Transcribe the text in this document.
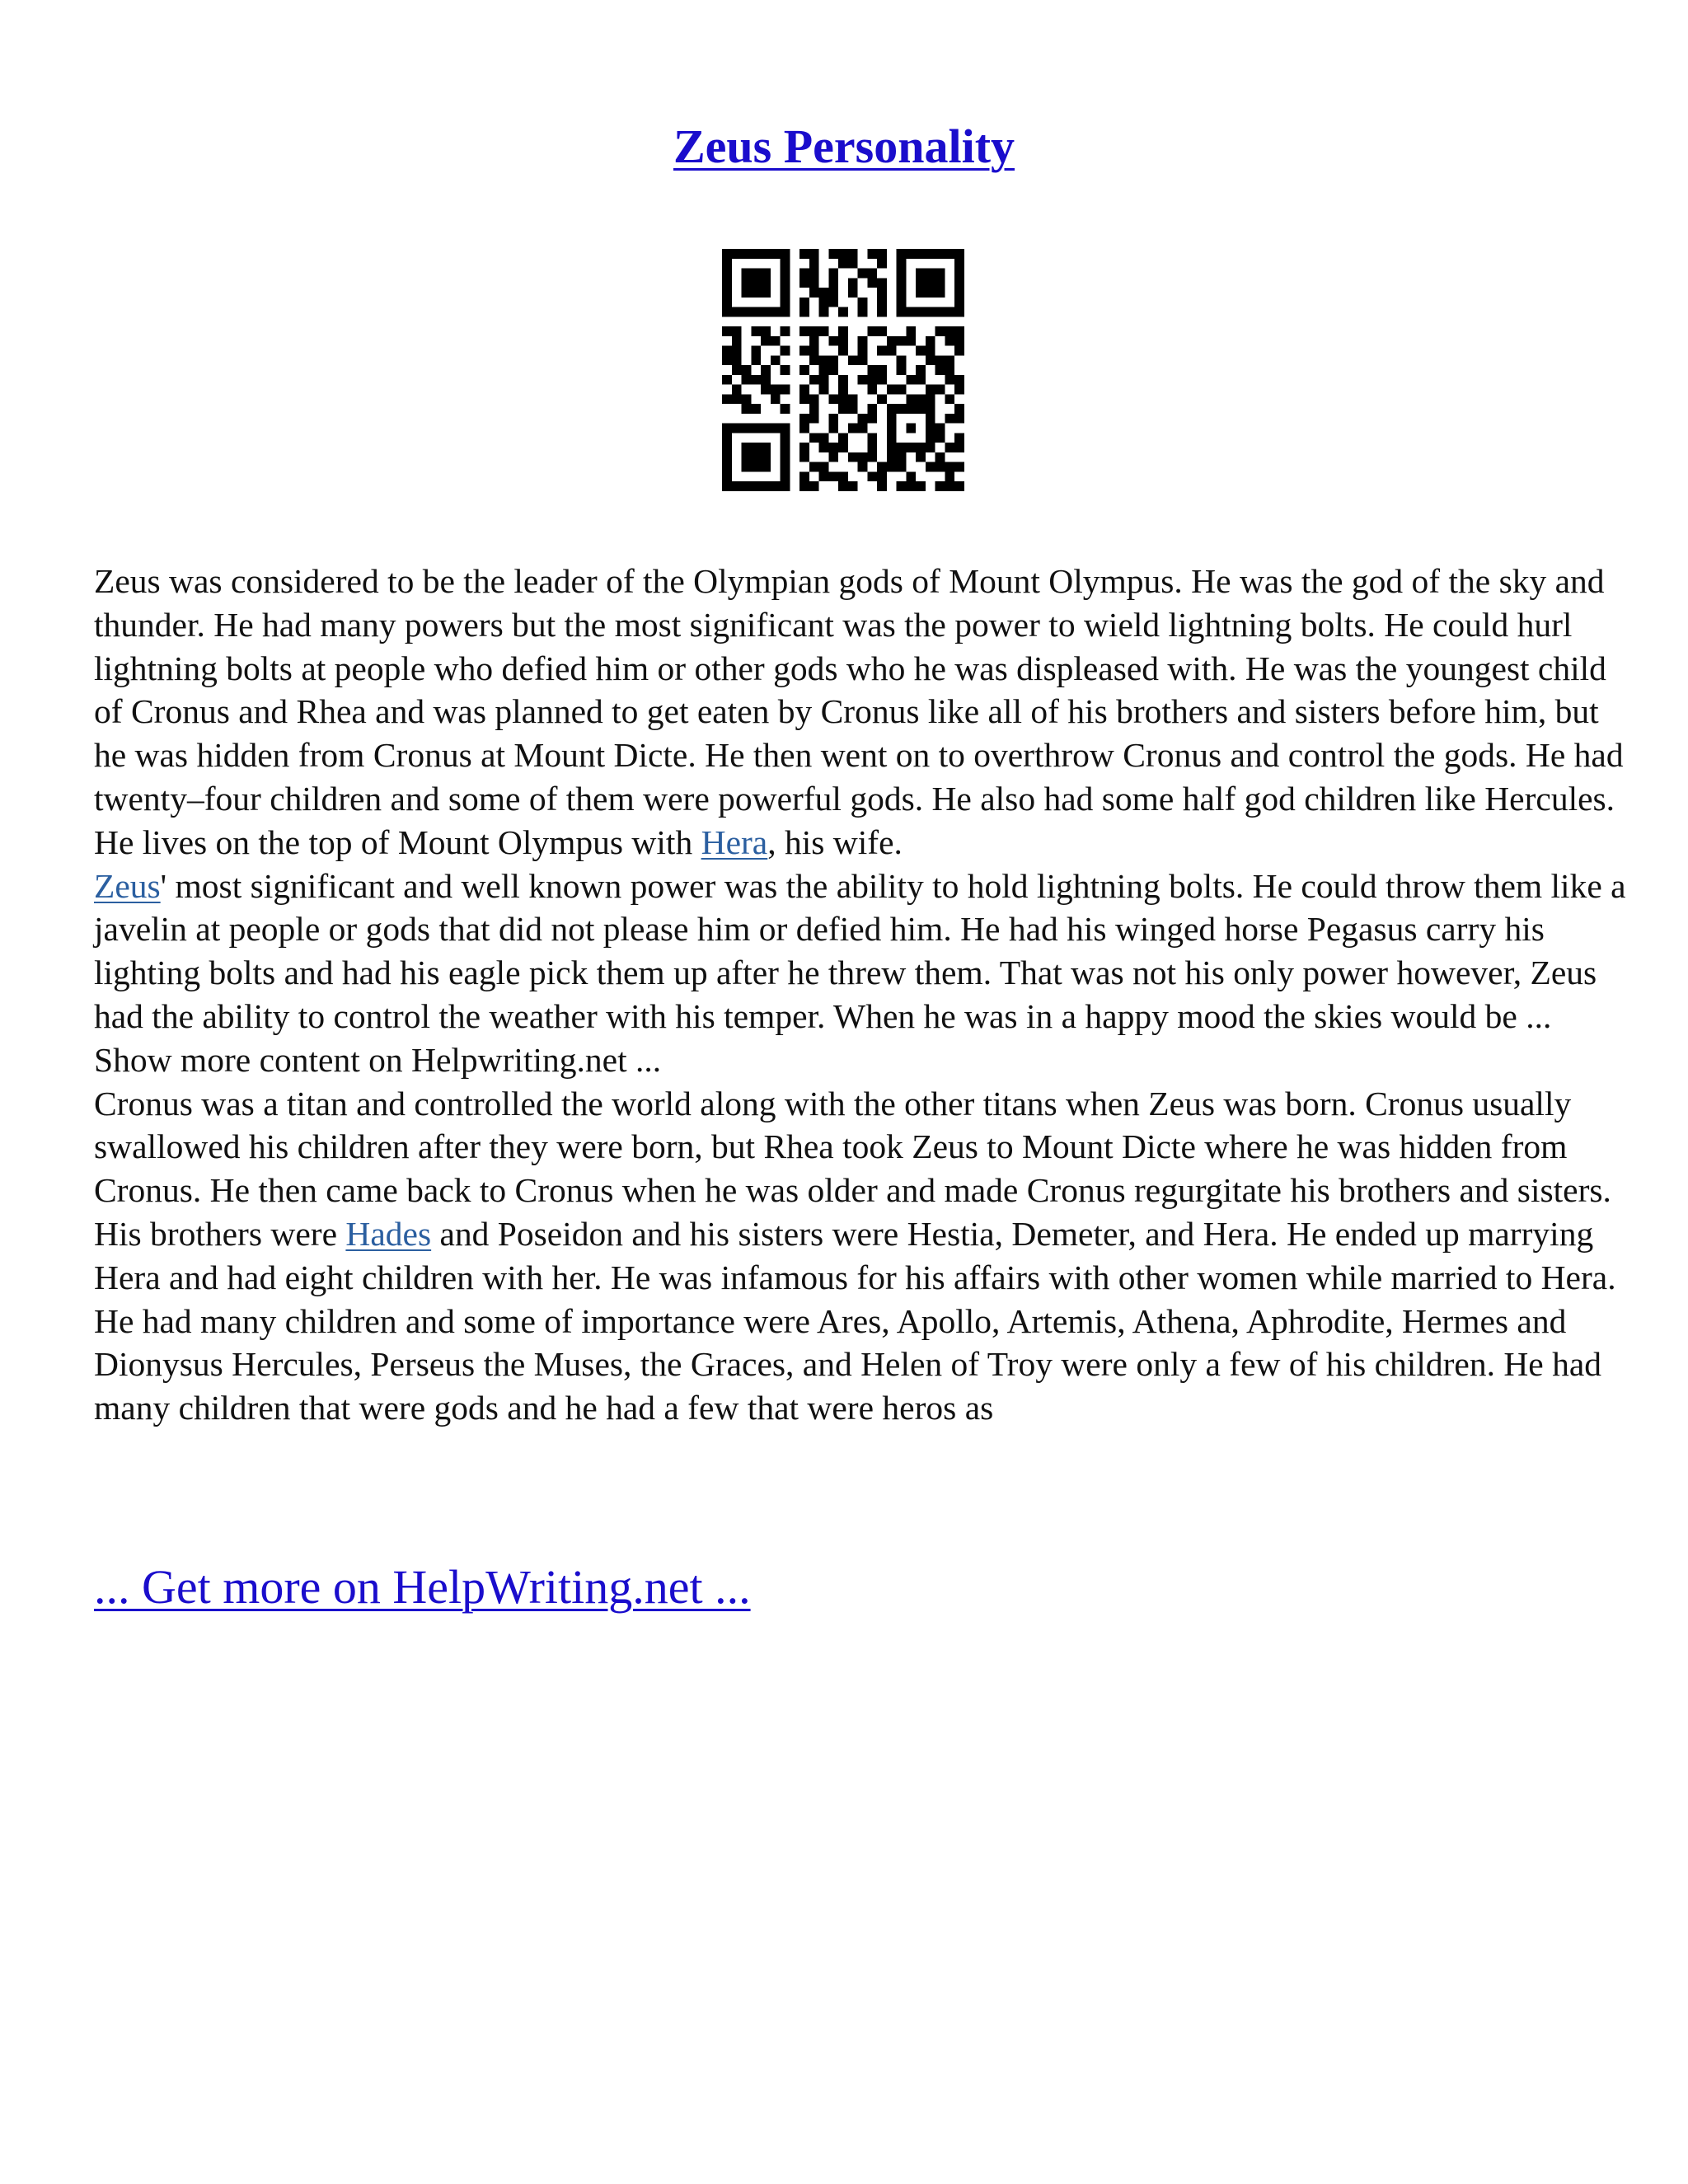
Zeus Personality

Zeus was considered to be the leader of the Olympian gods of Mount Olympus. He was the god of the sky and thunder. He had many powers but the most significant was the power to wield lightning bolts. He could hurl lightning bolts at people who defied him or other gods who he was displeased with. He was the youngest child of Cronus and Rhea and was planned to get eaten by Cronus like all of his brothers and sisters before him, but he was hidden from Cronus at Mount Dicte. He then went on to overthrow Cronus and control the gods. He had twenty–four children and some of them were powerful gods. He also had some half god children like Hercules. He lives on the top of Mount Olympus with Hera, his wife.

Zeus' most significant and well known power was the ability to hold lightning bolts. He could throw them like a javelin at people or gods that did not please him or defied him. He had his winged horse Pegasus carry his lighting bolts and had his eagle pick them up after he threw them. That was not his only power however, Zeus had the ability to control the weather with his temper. When he was in a happy mood the skies would be ... Show more content on Helpwriting.net ...

Cronus was a titan and controlled the world along with the other titans when Zeus was born. Cronus usually swallowed his children after they were born, but Rhea took Zeus to Mount Dicte where he was hidden from Cronus. He then came back to Cronus when he was older and made Cronus regurgitate his brothers and sisters. His brothers were Hades and Poseidon and his sisters were Hestia, Demeter, and Hera. He ended up marrying Hera and had eight children with her. He was infamous for his affairs with other women while married to Hera. He had many children and some of importance were Ares, Apollo, Artemis, Athena, Aphrodite, Hermes and Dionysus Hercules, Perseus the Muses, the Graces, and Helen of Troy were only a few of his children. He had many children that were gods and he had a few that were heros as

... Get more on HelpWriting.net ...
